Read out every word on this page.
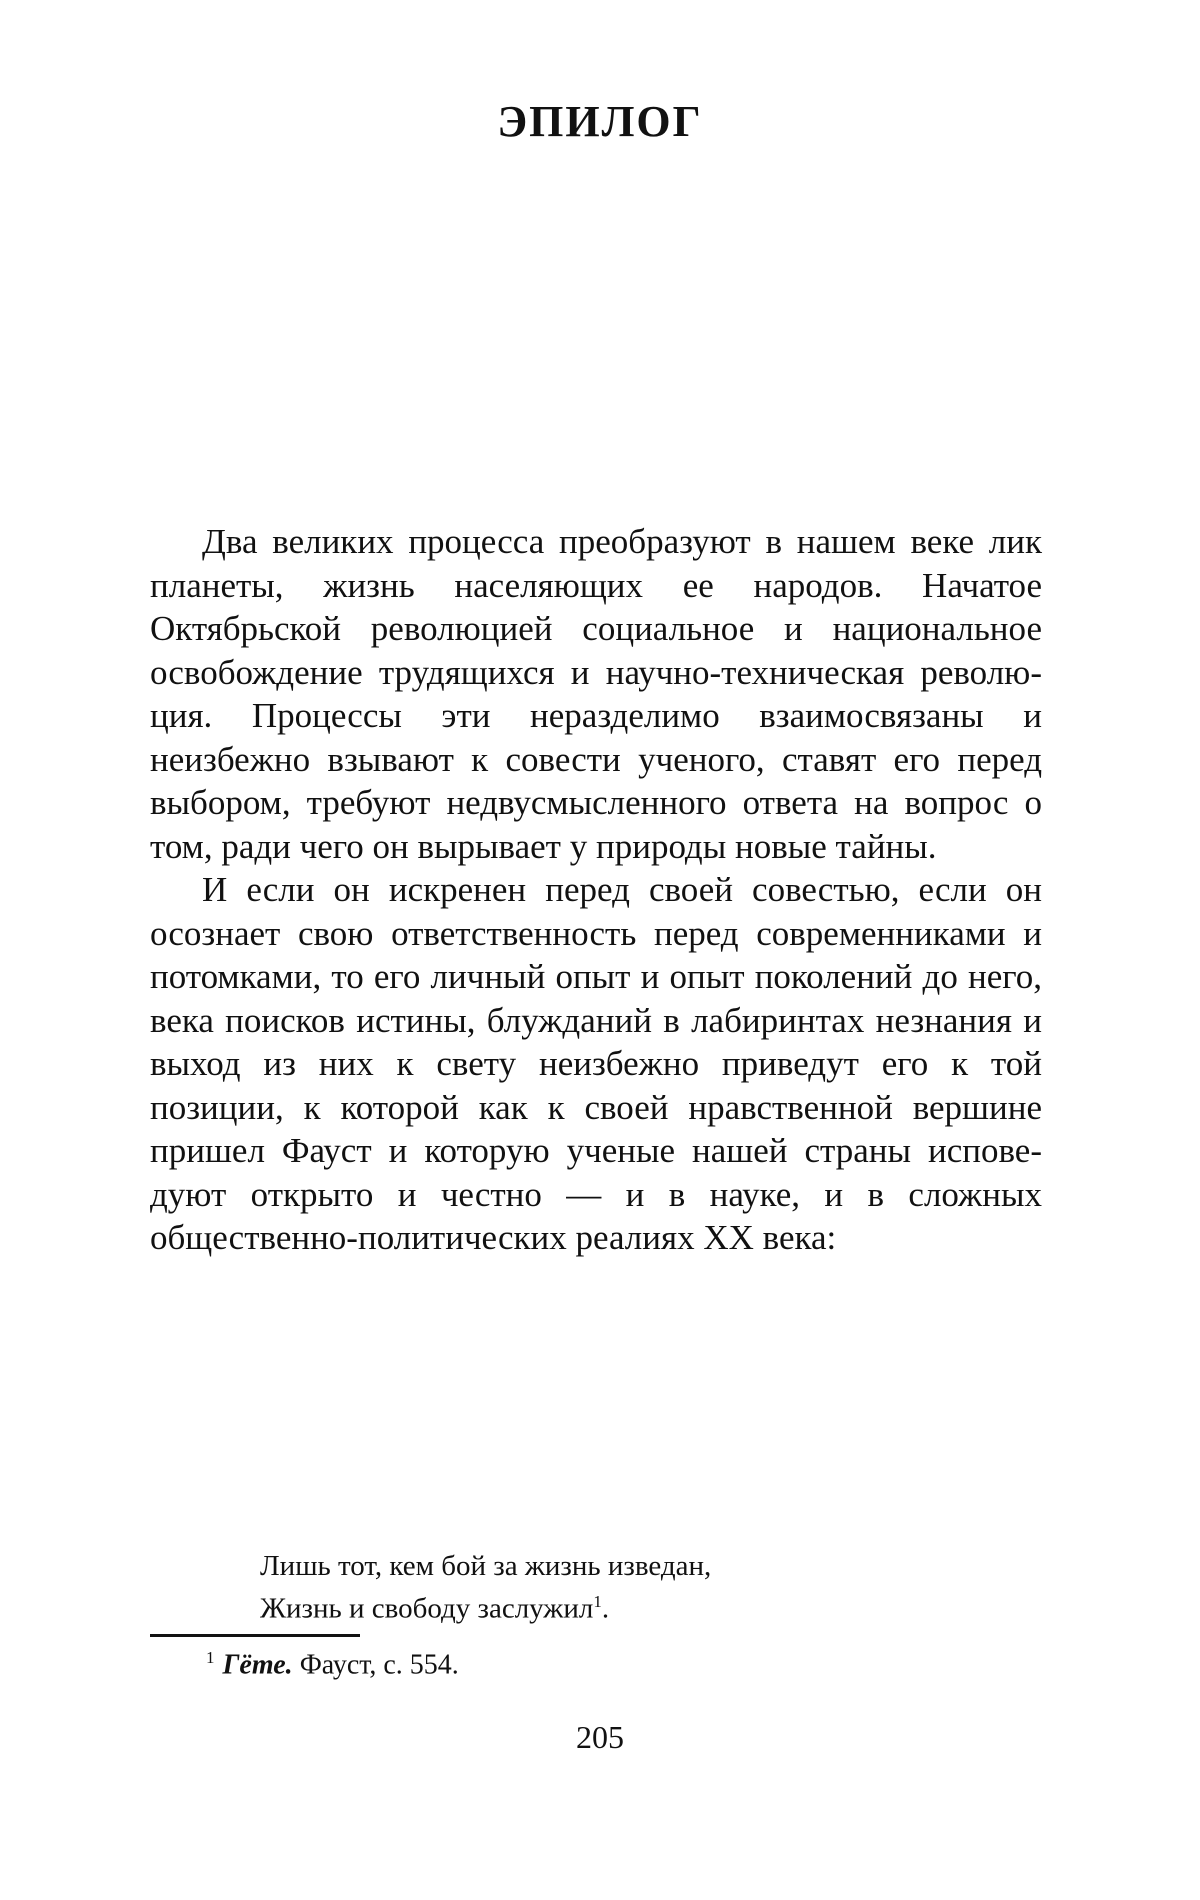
ЭПИЛОГ

Два великих процесса преобразуют в нашем веке лик планеты, жизнь населяющих ее народов. Начатое Октябрьской революцией социальное и национальное освобождение трудящихся и научно-техническая революция. Процессы эти неразделимо взаимосвязаны и неизбежно взывают к совести ученого, ставят его перед выбором, требуют недвусмысленного ответа на вопрос о том, ради чего он вырывает у природы новые тайны.

И если он искренен перед своей совестью, если он осознает свою ответственность перед современниками и потомками, то его личный опыт и опыт поколений до него, века поисков истины, блужданий в лабиринтах незнания и выход из них к свету неизбежно приведут его к той позиции, к которой как к своей нравственной вершине пришел Фауст и которую ученые нашей страны исповедуют открыто и честно — и в науке, и в сложных общественно-политических реалиях XX века:

Лишь тот, кем бой за жизнь изведан,
Жизнь и свободу заслужил$^1$.
$^1$ Гёте. Фауст, с. 554.
205
